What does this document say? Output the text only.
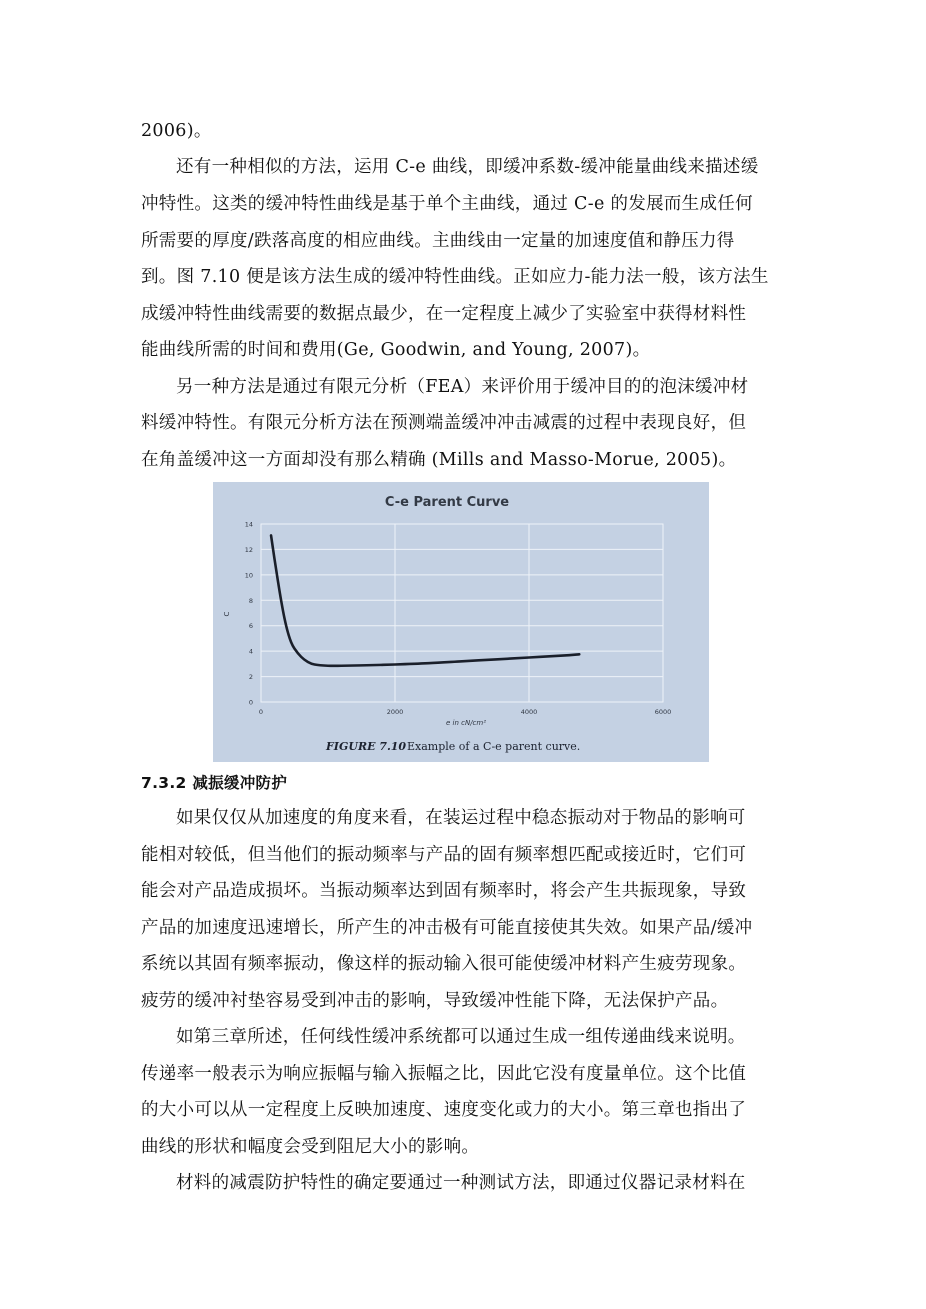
2006)。
还有一种相似的方法，运用 C-e 曲线，即缓冲系数-缓冲能量曲线来描述缓
冲特性。这类的缓冲特性曲线是基于单个主曲线，通过 C-e 的发展而生成任何
所需要的厚度/跌落高度的相应曲线。主曲线由一定量的加速度值和静压力得
到。图 7.10 便是该方法生成的缓冲特性曲线。正如应力-能力法一般，该方法生
成缓冲特性曲线需要的数据点最少，在一定程度上减少了实验室中获得材料性
能曲线所需的时间和费用(Ge, Goodwin, and Young, 2007)。
另一种方法是通过有限元分析（FEA）来评价用于缓冲目的的泡沫缓冲材
料缓冲特性。有限元分析方法在预测端盖缓冲冲击减震的过程中表现良好，但
在角盖缓冲这一方面却没有那么精确 (Mills and Masso-Morue, 2005)。
C-e Parent Curve
0
2
4
6
8
10
12
14
0	2000	4000	6000
C
e in cN/cm²
FIGURE 7.10 Example of a C-e parent curve.
7.3.2 减振缓冲防护
如果仅仅从加速度的角度来看，在装运过程中稳态振动对于物品的影响可
能相对较低，但当他们的振动频率与产品的固有频率想匹配或接近时，它们可
能会对产品造成损坏。当振动频率达到固有频率时，将会产生共振现象，导致
产品的加速度迅速增长，所产生的冲击极有可能直接使其失效。如果产品/缓冲
系统以其固有频率振动，像这样的振动输入很可能使缓冲材料产生疲劳现象。
疲劳的缓冲衬垫容易受到冲击的影响，导致缓冲性能下降，无法保护产品。
如第三章所述，任何线性缓冲系统都可以通过生成一组传递曲线来说明。
传递率一般表示为响应振幅与输入振幅之比，因此它没有度量单位。这个比值
的大小可以从一定程度上反映加速度、速度变化或力的大小。第三章也指出了
曲线的形状和幅度会受到阻尼大小的影响。
材料的减震防护特性的确定要通过一种测试方法，即通过仪器记录材料在
